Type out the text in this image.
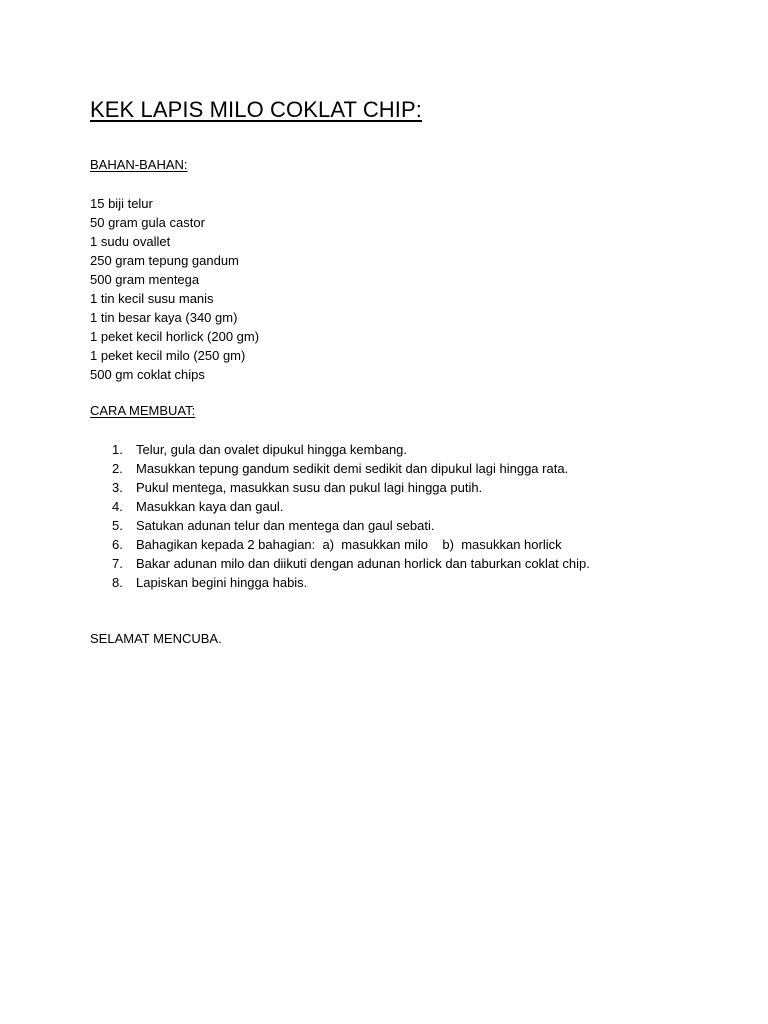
KEK LAPIS MILO COKLAT CHIP:
BAHAN-BAHAN:
15 biji telur
50 gram gula castor
1 sudu ovallet
250 gram tepung gandum
500 gram mentega
1 tin kecil susu manis
1 tin besar kaya (340 gm)
1 peket kecil horlick (200 gm)
1 peket kecil milo (250 gm)
500 gm coklat chips
CARA MEMBUAT:
1.	Telur, gula dan ovalet dipukul hingga kembang.
2.	Masukkan tepung gandum sedikit demi sedikit dan dipukul lagi hingga rata.
3.	Pukul mentega, masukkan susu dan pukul lagi hingga putih.
4.	Masukkan kaya dan gaul.
5.	Satukan adunan telur dan mentega dan gaul sebati.
6.	Bahagikan kepada 2 bahagian:  a)  masukkan milo    b)  masukkan horlick
7.	Bakar adunan milo dan diikuti dengan adunan horlick dan taburkan coklat chip.
8.	Lapiskan begini hingga habis.
SELAMAT MENCUBA.
